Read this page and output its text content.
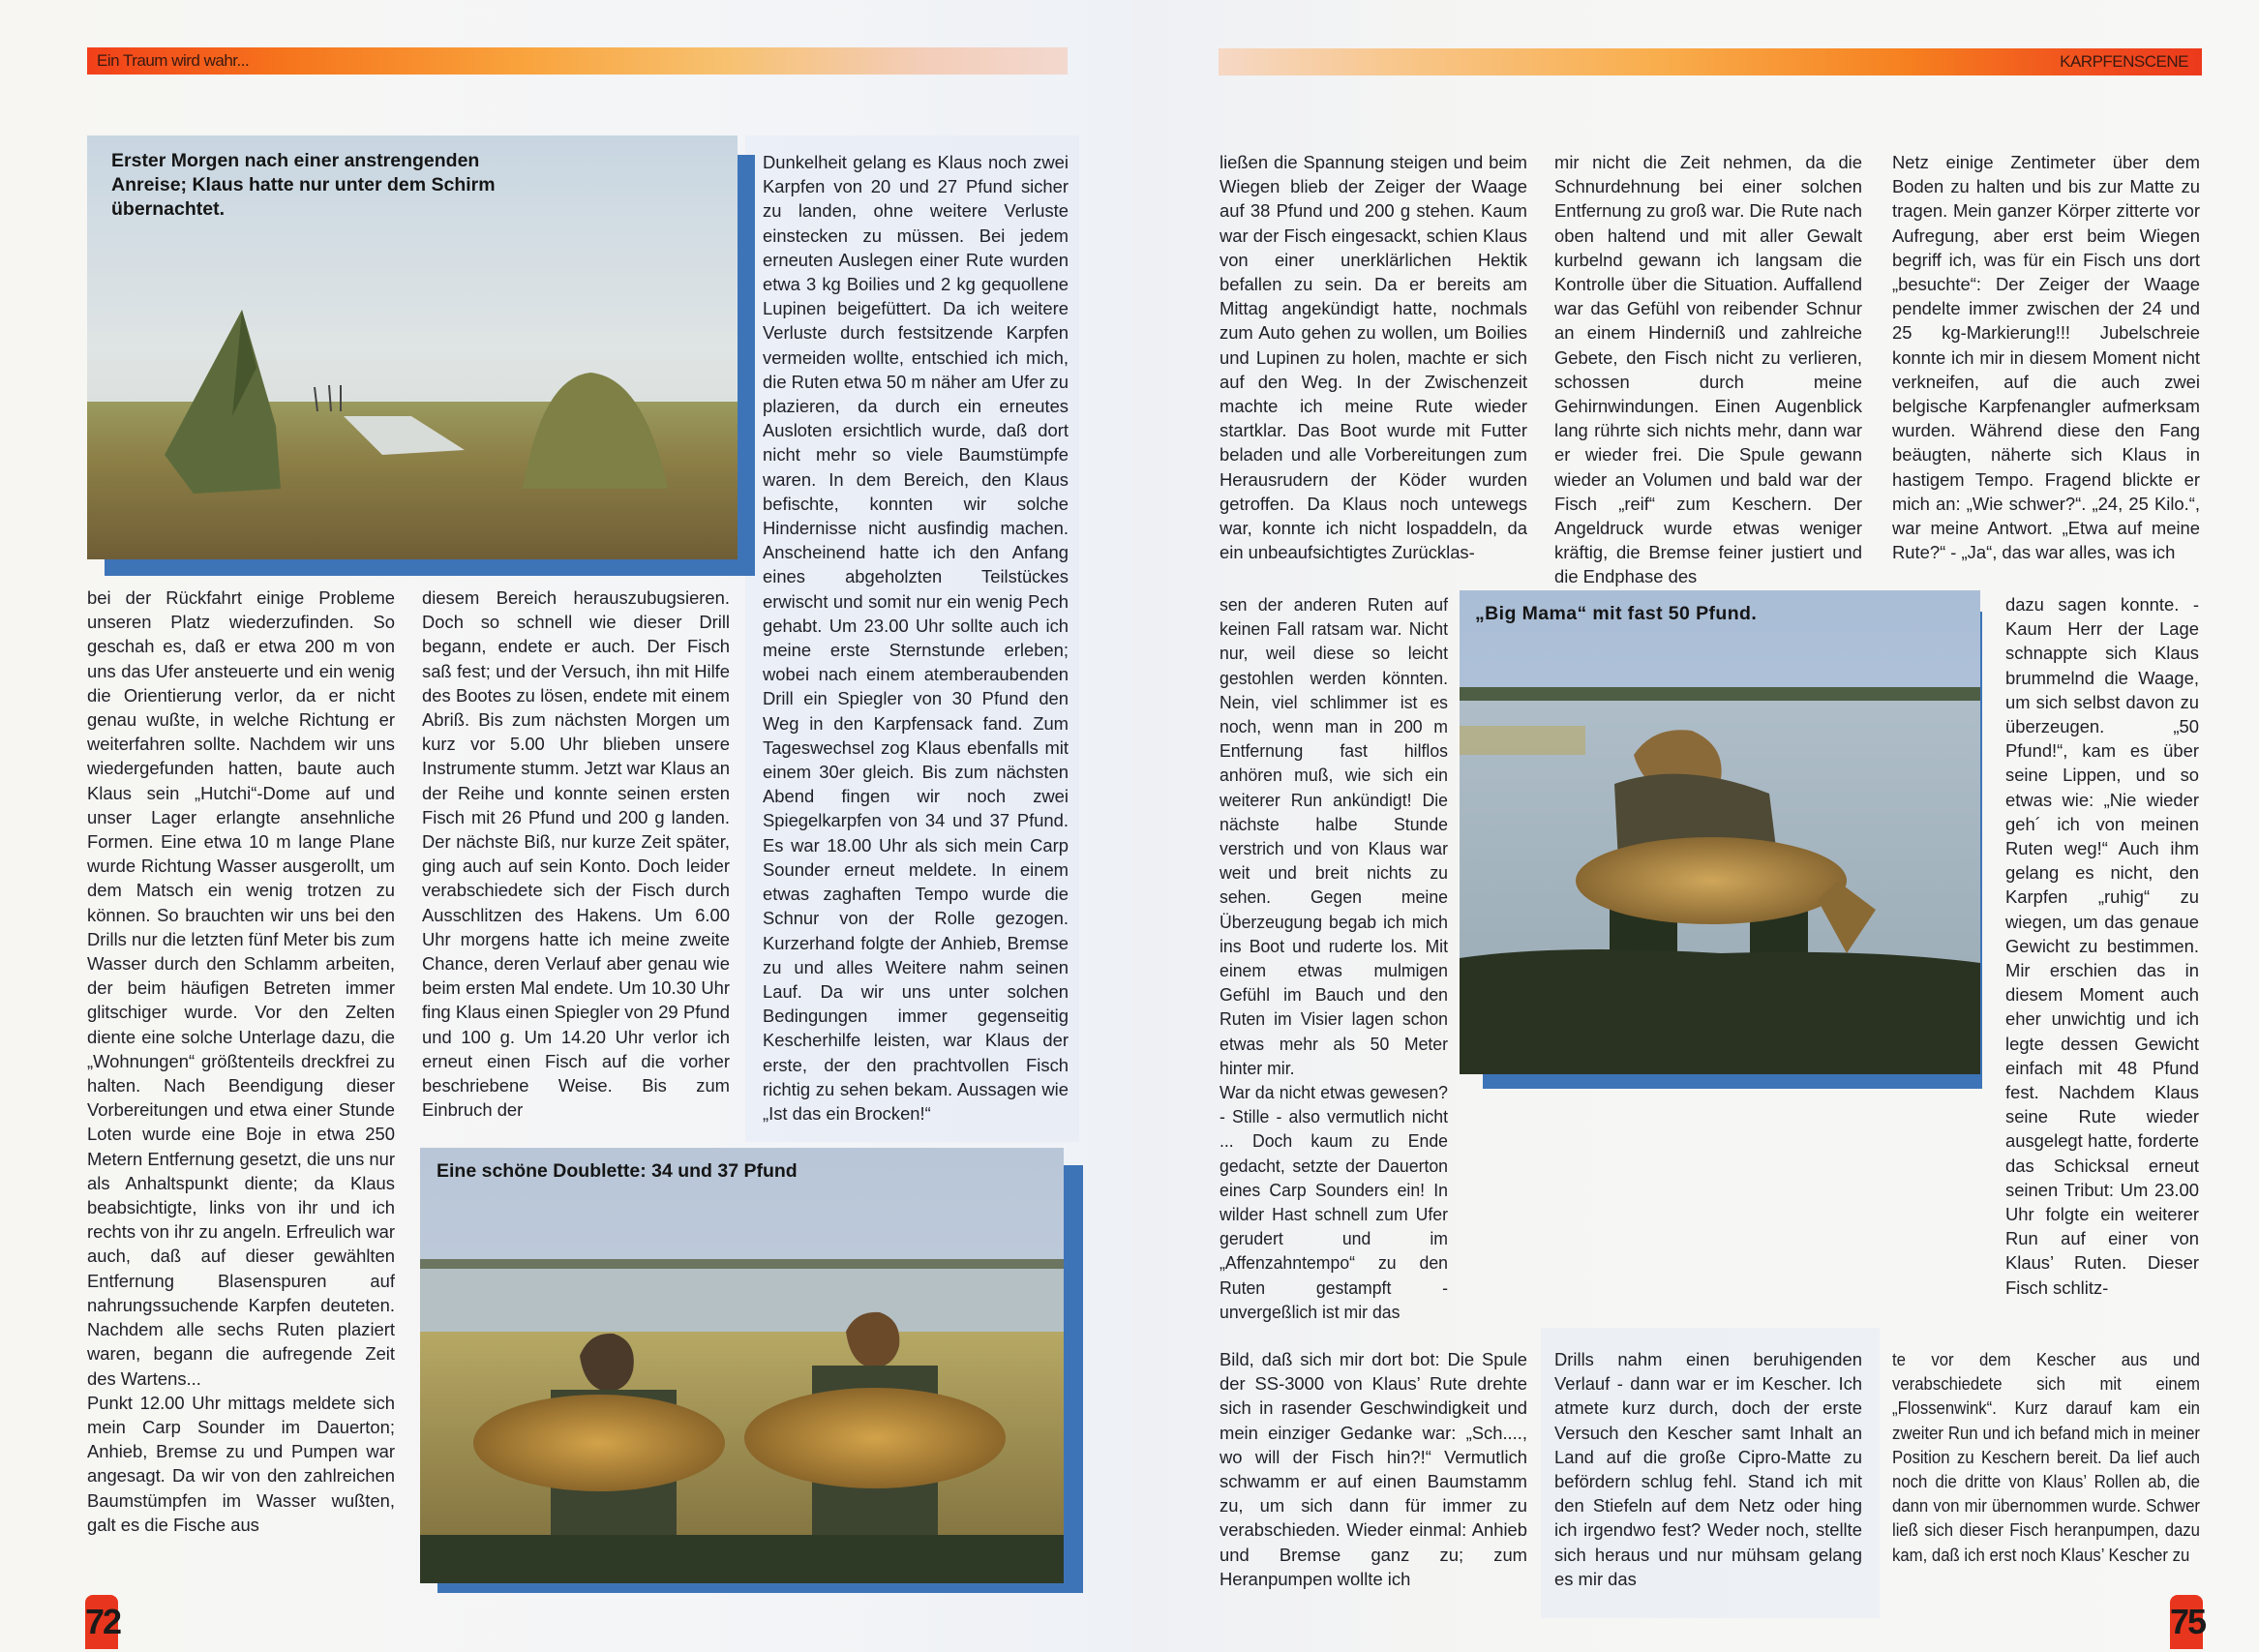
Ein Traum wird wahr...	KARPFENSCENE
Erster Morgen nach einer anstrengenden Anreise; Klaus hatte nur unter dem Schirm übernachtet.

bei der Rückfahrt einige Probleme unseren Platz wiederzufinden. So geschah es, daß er etwa 200 m von uns das Ufer ansteuerte und ein wenig die Orientierung verlor, da er nicht genau wußte, in welche Richtung er weiterfahren sollte. Nachdem wir uns wiedergefunden hatten, baute auch Klaus sein „Hutchi“-Dome auf und unser Lager erlangte ansehnliche Formen. Eine etwa 10 m lange Plane wurde Richtung Wasser ausgerollt, um dem Matsch ein wenig trotzen zu können. So brauchten wir uns bei den Drills nur die letzten fünf Meter bis zum Wasser durch den Schlamm arbeiten, der beim häufigen Betreten immer glitschiger wurde. Vor den Zelten diente eine solche Unterlage dazu, die „Wohnungen“ größtenteils dreckfrei zu halten. Nach Beendigung dieser Vorbereitungen und etwa einer Stunde Loten wurde eine Boje in etwa 250 Metern Entfernung gesetzt, die uns nur als Anhaltspunkt diente; da Klaus beabsichtigte, links von ihr und ich rechts von ihr zu angeln. Erfreulich war auch, daß auf dieser gewählten Entfernung Blasenspuren auf nahrungssuchende Karpfen deuteten. Nachdem alle sechs Ruten plaziert waren, begann die aufregende Zeit des Wartens...

Punkt 12.00 Uhr mittags meldete sich mein Carp Sounder im Dauerton; Anhieb, Bremse zu und Pumpen war angesagt. Da wir von den zahlreichen Baumstümpfen im Wasser wußten, galt es die Fische aus

diesem Bereich herauszubugsieren. Doch so schnell wie dieser Drill begann, endete er auch. Der Fisch saß fest; und der Versuch, ihn mit Hilfe des Bootes zu lösen, endete mit einem Abriß. Bis zum nächsten Morgen um kurz vor 5.00 Uhr blieben unsere Instrumente stumm. Jetzt war Klaus an der Reihe und konnte seinen ersten Fisch mit 26 Pfund und 200 g landen. Der nächste Biß, nur kurze Zeit später, ging auch auf sein Konto. Doch leider verabschiedete sich der Fisch durch Ausschlitzen des Hakens. Um 6.00 Uhr morgens hatte ich meine zweite Chance, deren Verlauf aber genau wie beim ersten Mal endete. Um 10.30 Uhr fing Klaus einen Spiegler von 29 Pfund und 100 g. Um 14.20 Uhr verlor ich erneut einen Fisch auf die vorher beschriebene Weise. Bis zum Einbruch der

Dunkelheit gelang es Klaus noch zwei Karpfen von 20 und 27 Pfund sicher zu landen, ohne weitere Verluste einstecken zu müssen. Bei jedem erneuten Auslegen einer Rute wurden etwa 3 kg Boilies und 2 kg gequollene Lupinen beigefüttert. Da ich weitere Verluste durch festsitzende Karpfen vermeiden wollte, entschied ich mich, die Ruten etwa 50 m näher am Ufer zu plazieren, da durch ein erneutes Ausloten ersichtlich wurde, daß dort nicht mehr so viele Baumstümpfe waren. In dem Bereich, den Klaus befischte, konnten wir solche Hindernisse nicht ausfindig machen. Anscheinend hatte ich den Anfang eines abgeholzten Teilstückes erwischt und somit nur ein wenig Pech gehabt. Um 23.00 Uhr sollte auch ich meine erste Sternstunde erleben; wobei nach einem atemberaubenden Drill ein Spiegler von 30 Pfund den Weg in den Karpfensack fand. Zum Tageswechsel zog Klaus ebenfalls mit einem 30er gleich. Bis zum nächsten Abend fingen wir noch zwei Spiegelkarpfen von 34 und 37 Pfund. Es war 18.00 Uhr als sich mein Carp Sounder erneut meldete. In einem etwas zaghaften Tempo wurde die Schnur von der Rolle gezogen. Kurzerhand folgte der Anhieb, Bremse zu und alles Weitere nahm seinen Lauf. Da wir uns unter solchen Bedingungen immer gegenseitig Kescherhilfe leisten, war Klaus der erste, der den prachtvollen Fisch richtig zu sehen bekam. Aussagen wie „Ist das ein Brocken!“

Eine schöne Doublette: 34 und 37 Pfund
72

ließen die Spannung steigen und beim Wiegen blieb der Zeiger der Waage auf 38 Pfund und 200 g stehen. Kaum war der Fisch eingesackt, schien Klaus von einer unerklärlichen Hektik befallen zu sein. Da er bereits am Mittag angekündigt hatte, nochmals zum Auto gehen zu wollen, um Boilies und Lupinen zu holen, machte er sich auf den Weg. In der Zwischenzeit machte ich meine Rute wieder startklar. Das Boot wurde mit Futter beladen und alle Vorbereitungen zum Herausrudern der Köder wurden getroffen. Da Klaus noch untewegs war, konnte ich nicht lospaddeln, da ein unbeaufsichtigtes Zurücklas-

sen der anderen Ruten auf keinen Fall ratsam war. Nicht nur, weil diese so leicht gestohlen werden könnten. Nein, viel schlimmer ist es noch, wenn man in 200 m Entfernung fast hilflos anhören muß, wie sich ein weiterer Run ankündigt! Die nächste halbe Stunde verstrich und von Klaus war weit und breit nichts zu sehen. Gegen meine Überzeugung begab ich mich ins Boot und ruderte los. Mit einem etwas mulmigen Gefühl im Bauch und den Ruten im Visier lagen schon etwas mehr als 50 Meter hinter mir.

War da nicht etwas gewesen? - Stille - also vermutlich nicht ... Doch kaum zu Ende gedacht, setzte der Dauerton eines Carp Sounders ein! In wilder Hast schnell zum Ufer gerudert und im „Affenzahntempo“ zu den Ruten gestampft - unvergeßlich ist mir das

Bild, daß sich mir dort bot: Die Spule der SS-3000 von Klaus’ Rute drehte sich in rasender Geschwindigkeit und mein einziger Gedanke war: „Sch...., wo will der Fisch hin?!“ Vermutlich schwamm er auf einen Baumstamm zu, um sich dann für immer zu verabschieden. Wieder einmal: Anhieb und Bremse ganz zu; zum Heranpumpen wollte ich

mir nicht die Zeit nehmen, da die Schnurdehnung bei einer solchen Entfernung zu groß war. Die Rute nach oben haltend und mit aller Gewalt kurbelnd gewann ich langsam die Kontrolle über die Situation. Auffallend war das Gefühl von reibender Schnur an einem Hinderniß und zahlreiche Gebete, den Fisch nicht zu verlieren, schossen durch meine Gehirnwindungen. Einen Augenblick lang rührte sich nichts mehr, dann war er wieder frei. Die Spule gewann wieder an Volumen und bald war der Fisch „reif“ zum Keschern. Der Angeldruck wurde etwas weniger kräftig, die Bremse feiner justiert und die Endphase des

Drills nahm einen beruhigenden Verlauf - dann war er im Kescher. Ich atmete kurz durch, doch der erste Versuch den Kescher samt Inhalt an Land auf die große Cipro-Matte zu befördern schlug fehl. Stand ich mit den Stiefeln auf dem Netz oder hing ich irgendwo fest? Weder noch, stellte sich heraus und nur mühsam gelang es mir das

Netz einige Zentimeter über dem Boden zu halten und bis zur Matte zu tragen. Mein ganzer Körper zitterte vor Aufregung, aber erst beim Wiegen begriff ich, was für ein Fisch uns dort „besuchte“: Der Zeiger der Waage pendelte immer zwischen der 24 und 25 kg-Markierung!!! Jubelschreie konnte ich mir in diesem Moment nicht verkneifen, auf die auch zwei belgische Karpfenangler aufmerksam wurden. Während diese den Fang beäugten, näherte sich Klaus in hastigem Tempo. Fragend blickte er mich an: „Wie schwer?“. „24, 25 Kilo.“, war meine Antwort. „Etwa auf meine Rute?“ - „Ja“, das war alles, was ich

dazu sagen konnte. - Kaum Herr der Lage schnappte sich Klaus brummelnd die Waage, um sich selbst davon zu überzeugen. „50 Pfund!“, kam es über seine Lippen, und so etwas wie: „Nie wieder geh´ ich von meinen Ruten weg!“ Auch ihm gelang es nicht, den Karpfen „ruhig“ zu wiegen, um das genaue Gewicht zu bestimmen. Mir erschien das in diesem Moment auch eher unwichtig und ich legte dessen Gewicht einfach mit 48 Pfund fest. Nachdem Klaus seine Rute wieder ausgelegt hatte, forderte das Schicksal erneut seinen Tribut: Um 23.00 Uhr folgte ein weiterer Run auf einer von Klaus’ Ruten. Dieser Fisch schlitz-

te vor dem Kescher aus und verabschiedete sich mit einem „Flossenwink“. Kurz darauf kam ein zweiter Run und ich befand mich in meiner Position zu Keschern bereit. Da lief auch noch die dritte von Klaus’ Rollen ab, die dann von mir übernommen wurde. Schwer ließ sich dieser Fisch heranpumpen, dazu kam, daß ich erst noch Klaus’ Kescher zu

„Big Mama“ mit fast 50 Pfund.
75
